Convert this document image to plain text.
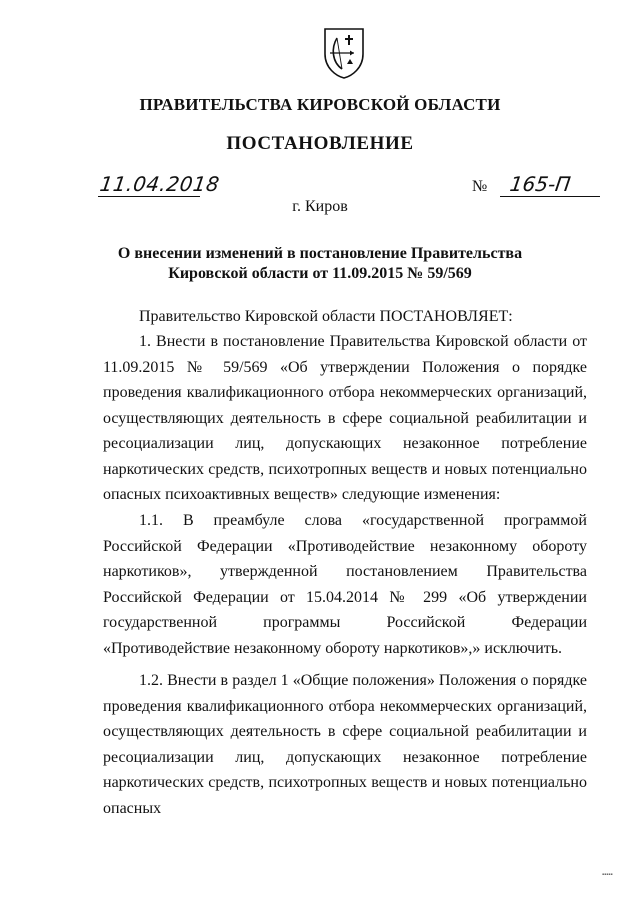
ПРАВИТЕЛЬСТВА КИРОВСКОЙ ОБЛАСТИ
ПОСТАНОВЛЕНИЕ
11.04.2018	№ 165-П
г. Киров
О внесении изменений в постановление Правительства
Кировской области от 11.09.2015 № 59/569

Правительство Кировской области ПОСТАНОВЛЯЕТ:

1. Внести в постановление Правительства Кировской области от 11.09.2015 № 59/569 «Об утверждении Положения о порядке проведения квалификационного отбора некоммерческих организаций, осуществляющих деятельность в сфере социальной реабилитации и ресоциализации лиц, допускающих незаконное потребление наркотических средств, психотропных веществ и новых потенциально опасных психоактивных веществ» следующие изменения:

1.1. В преамбуле слова «государственной программой Российской Федерации «Противодействие незаконному обороту наркотиков», утвержденной постановлением Правительства Российской Федерации от 15.04.2014 № 299 «Об утверждении государственной программы Российской Федерации «Противодействие незаконному обороту наркотиков»,» исключить.

1.2. Внести в раздел 1 «Общие положения» Положения о порядке проведения квалификационного отбора некоммерческих организаций, осуществляющих деятельность в сфере социальной реабилитации и ресоциализации лиц, допускающих незаконное потребление наркотических средств, психотропных веществ и новых потенциально опасных

▪▪▪▪▪
